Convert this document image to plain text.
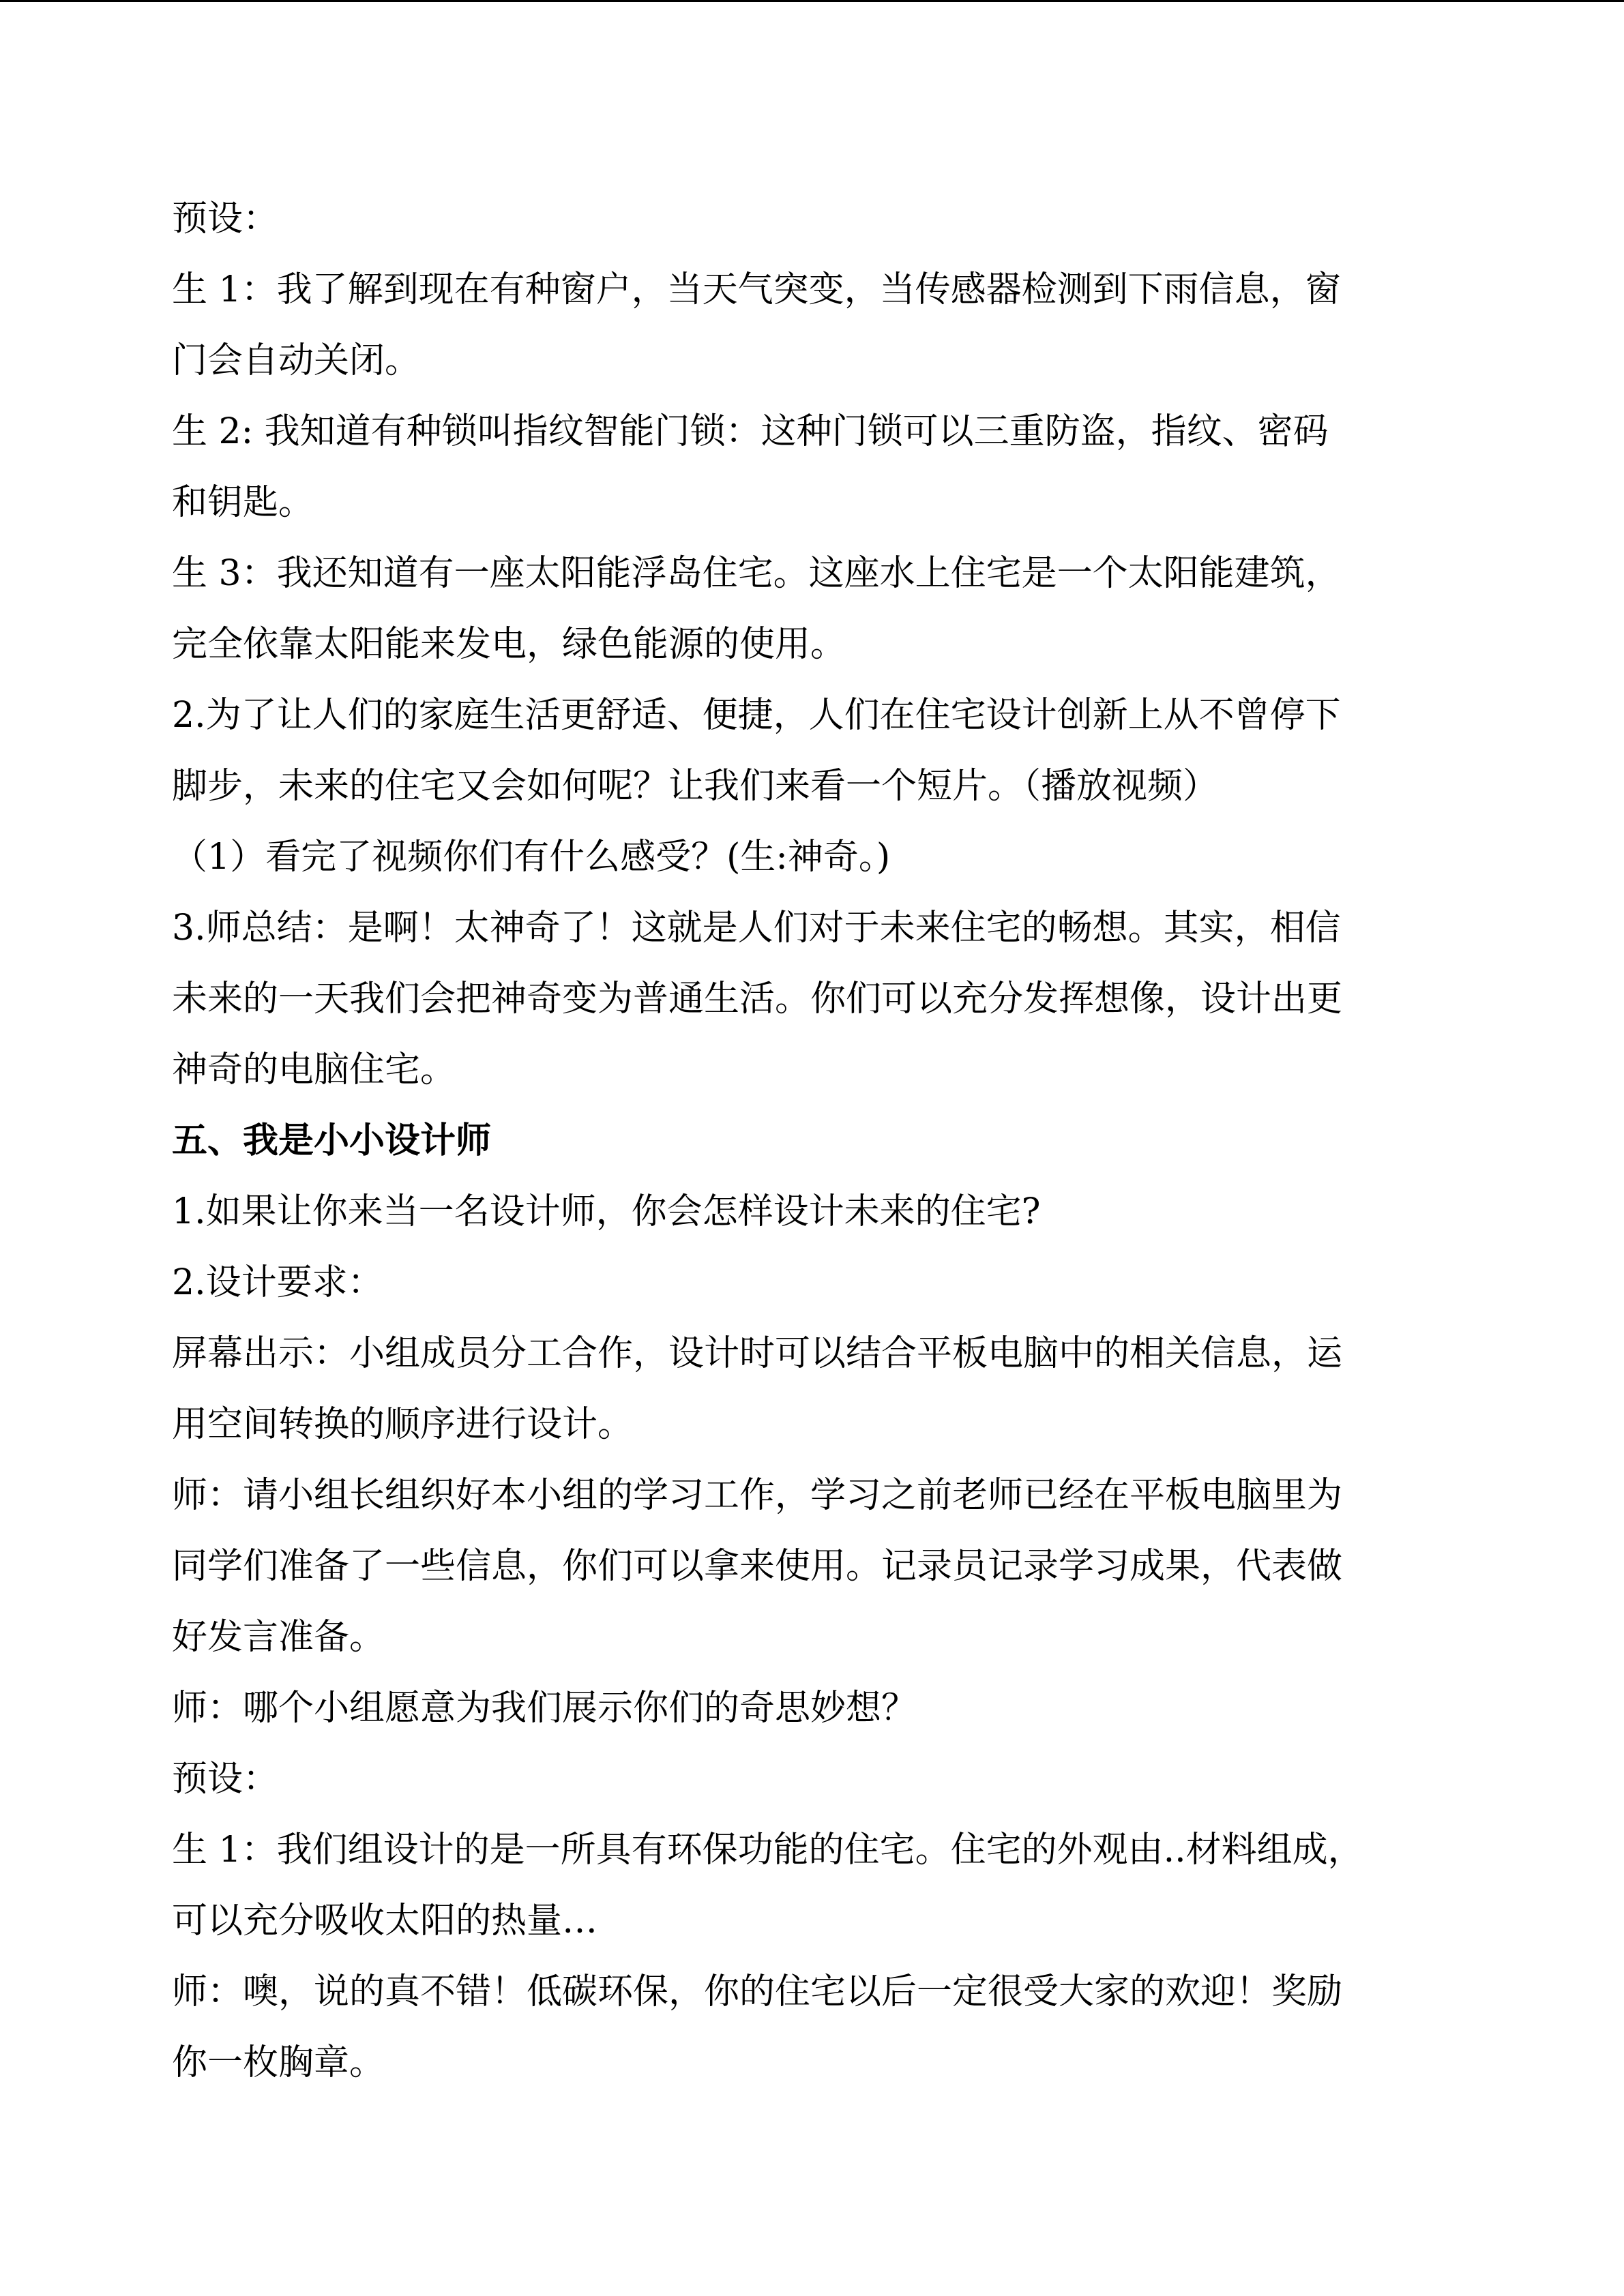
预设：
生 1：我了解到现在有种窗户，当天气突变，当传感器检测到下雨信息，窗
门会自动关闭。
生 2: 我知道有种锁叫指纹智能门锁：这种门锁可以三重防盗，指纹、密码
和钥匙。
生 3：我还知道有一座太阳能浮岛住宅。这座水上住宅是一个太阳能建筑，
完全依靠太阳能来发电，绿色能源的使用。
2.为了让人们的家庭生活更舒适、便捷，人们在住宅设计创新上从不曾停下
脚步，未来的住宅又会如何呢？让我们来看一个短片。（播放视频）
（1）看完了视频你们有什么感受？(生:神奇。)
3.师总结：是啊！太神奇了！这就是人们对于未来住宅的畅想。其实，相信
未来的一天我们会把神奇变为普通生活。你们可以充分发挥想像，设计出更
神奇的电脑住宅。
五、我是小小设计师
1.如果让你来当一名设计师，你会怎样设计未来的住宅?
2.设计要求：
屏幕出示：小组成员分工合作，设计时可以结合平板电脑中的相关信息，运
用空间转换的顺序进行设计。
师：请小组长组织好本小组的学习工作，学习之前老师已经在平板电脑里为
同学们准备了一些信息，你们可以拿来使用。记录员记录学习成果，代表做
好发言准备。
师：哪个小组愿意为我们展示你们的奇思妙想？
预设：
生 1：我们组设计的是一所具有环保功能的住宅。住宅的外观由..材料组成，
可以充分吸收太阳的热量…
师：噢，说的真不错！低碳环保，你的住宅以后一定很受大家的欢迎！奖励
你一枚胸章。
